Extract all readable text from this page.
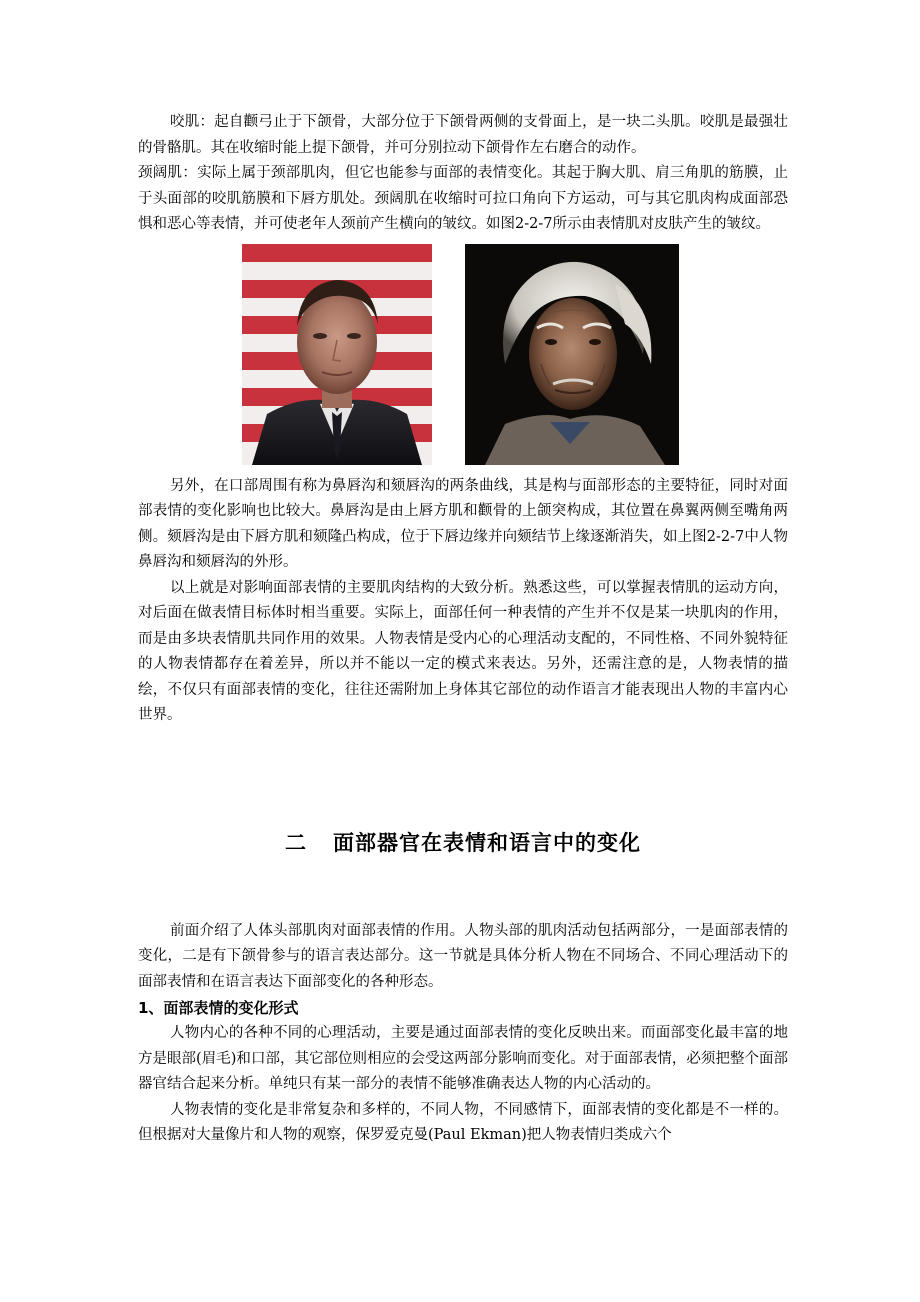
咬肌：起自颧弓止于下颌骨，大部分位于下颌骨两侧的支骨面上，是一块二头肌。咬肌是最强壮的骨骼肌。其在收缩时能上提下颌骨，并可分别拉动下颌骨作左右磨合的动作。

颈阔肌：实际上属于颈部肌肉，但它也能参与面部的表情变化。其起于胸大肌、肩三角肌的筋膜，止于头面部的咬肌筋膜和下唇方肌处。颈阔肌在收缩时可拉口角向下方运动，可与其它肌肉构成面部恐惧和恶心等表情，并可使老年人颈前产生横向的皱纹。如图2-2-7所示由表情肌对皮肤产生的皱纹。

另外，在口部周围有称为鼻唇沟和颏唇沟的两条曲线，其是构与面部形态的主要特征，同时对面部表情的变化影响也比较大。鼻唇沟是由上唇方肌和颧骨的上颌突构成，其位置在鼻翼两侧至嘴角两侧。颏唇沟是由下唇方肌和颏隆凸构成，位于下唇边缘并向颏结节上缘逐渐消失，如上图2-2-7中人物鼻唇沟和颏唇沟的外形。

以上就是对影响面部表情的主要肌肉结构的大致分析。熟悉这些，可以掌握表情肌的运动方向，对后面在做表情目标体时相当重要。实际上，面部任何一种表情的产生并不仅是某一块肌肉的作用，而是由多块表情肌共同作用的效果。人物表情是受内心的心理活动支配的，不同性格、不同外貌特征的人物表情都存在着差异，所以并不能以一定的模式来表达。另外，还需注意的是，人物表情的描绘，不仅只有面部表情的变化，往往还需附加上身体其它部位的动作语言才能表现出人物的丰富内心世界。

二 面部器官在表情和语言中的变化

前面介绍了人体头部肌肉对面部表情的作用。人物头部的肌肉活动包括两部分，一是面部表情的变化，二是有下颌骨参与的语言表达部分。这一节就是具体分析人物在不同场合、不同心理活动下的面部表情和在语言表达下面部变化的各种形态。

1、面部表情的变化形式

人物内心的各种不同的心理活动，主要是通过面部表情的变化反映出来。而面部变化最丰富的地方是眼部(眉毛)和口部，其它部位则相应的会受这两部分影响而变化。对于面部表情，必须把整个面部器官结合起来分析。单纯只有某一部分的表情不能够准确表达人物的内心活动的。

人物表情的变化是非常复杂和多样的，不同人物，不同感情下，面部表情的变化都是不一样的。但根据对大量像片和人物的观察，保罗爱克曼(Paul Ekman)把人物表情归类成六个
